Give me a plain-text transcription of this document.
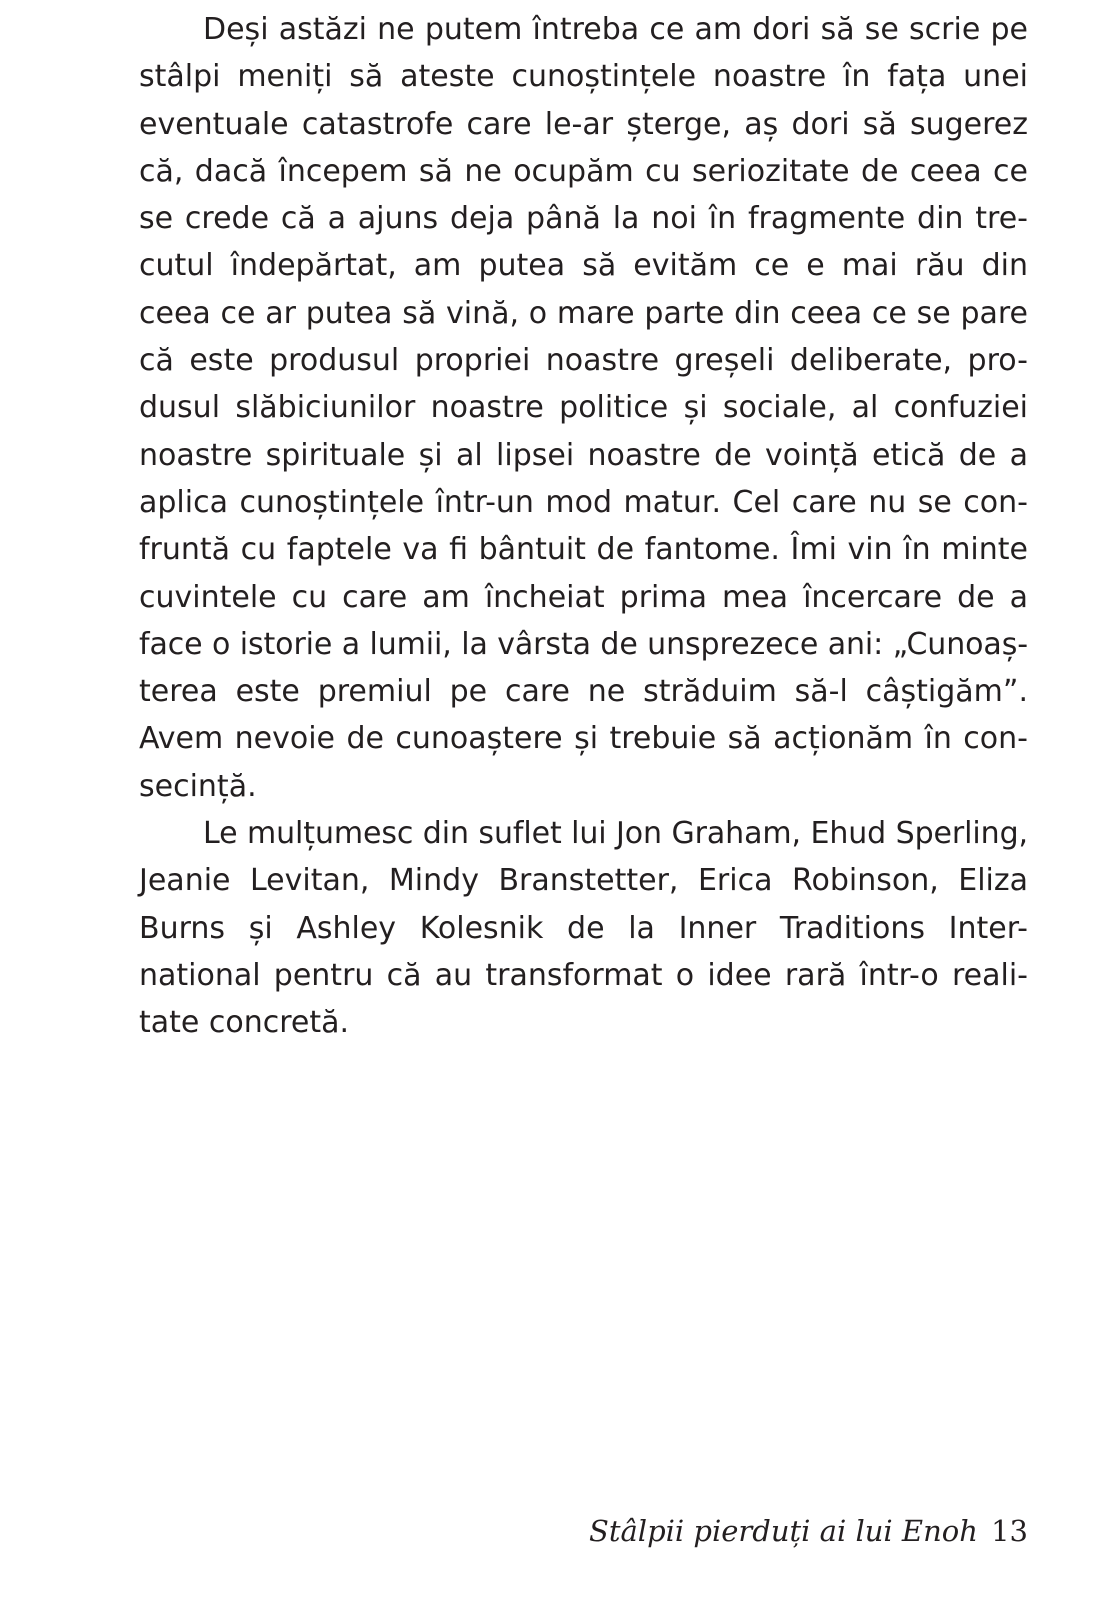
Deși astăzi ne putem întreba ce am dori să se scrie pe
stâlpi meniți să ateste cunoștințele noastre în fața unei
eventuale catastrofe care le-ar șterge, aș dori să sugerez
că, dacă începem să ne ocupăm cu seriozitate de ceea ce
se crede că a ajuns deja până la noi în fragmente din tre-
cutul îndepărtat, am putea să evităm ce e mai rău din
ceea ce ar putea să vină, o mare parte din ceea ce se pare
că este produsul propriei noastre greșeli deliberate, pro-
dusul slăbiciunilor noastre politice și sociale, al confuziei
noastre spirituale și al lipsei noastre de voință etică de a
aplica cunoștințele într-un mod matur. Cel care nu se con-
fruntă cu faptele va fi bântuit de fantome. Îmi vin în minte
cuvintele cu care am încheiat prima mea încercare de a
face o istorie a lumii, la vârsta de unsprezece ani: „Cunoaș-
terea este premiul pe care ne străduim să-l câștigăm”.
Avem nevoie de cunoaștere și trebuie să acționăm în con-
secință.
Le mulțumesc din suflet lui Jon Graham, Ehud Sperling,
Jeanie Levitan, Mindy Branstetter, Erica Robinson, Eliza
Burns și Ashley Kolesnik de la Inner Traditions Inter-
national pentru că au transformat o idee rară într-o reali-
tate concretă.
Stâlpii pierduți ai lui Enoh 13
